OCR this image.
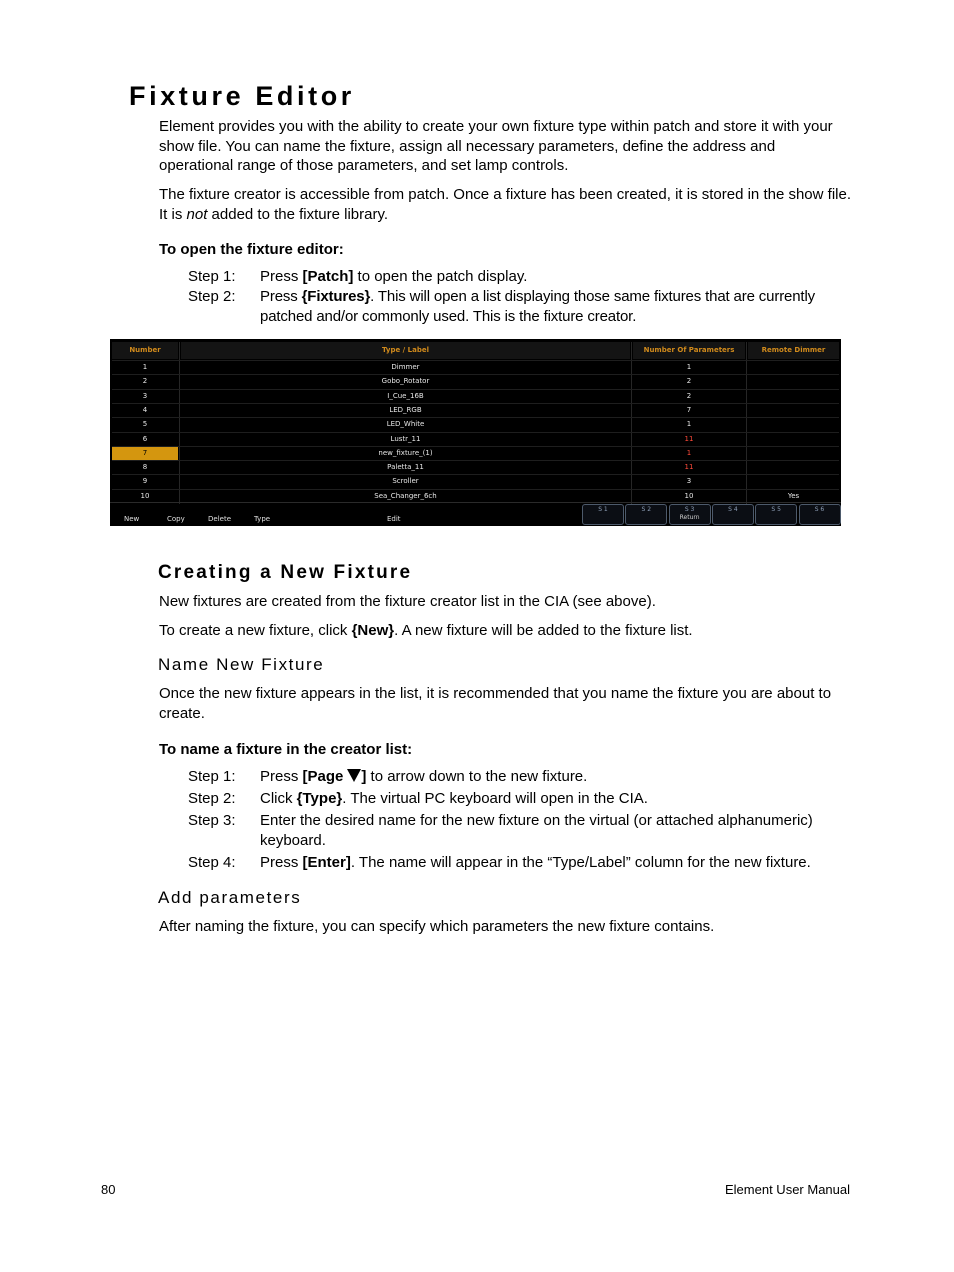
Fixture Editor

Element provides you with the ability to create your own fixture type within patch and store it with your show file. You can name the fixture, assign all necessary parameters, define the address and operational range of those parameters, and set lamp controls.

The fixture creator is accessible from patch. Once a fixture has been created, it is stored in the show file. It is not added to the fixture library.

To open the fixture editor:

Step 1:	Press [Patch] to open the patch display.
Step 2:	Press {Fixtures}. This will open a list displaying those same fixtures that are currently patched and/or commonly used. This is the fixture creator.
Number	Type / Label	Number Of Parameters	Remote Dimmer
1	Dimmer	1
2	Gobo_Rotator	2
3	I_Cue_16B	2
4	LED_RGB	7
5	LED_White	1
6	Lustr_11	11
7	new_fixture_(1)	1
8	Paletta_11	11
9	Scroller	3
10	Sea_Changer_6ch	10	Yes
S 1	S 2	S 3
Return
S 4	S 5	S 6
New	Copy	Delete	Type	Edit
Creating a New Fixture

New fixtures are created from the fixture creator list in the CIA (see above).

To create a new fixture, click {New}. A new fixture will be added to the fixture list.

Name New Fixture

Once the new fixture appears in the list, it is recommended that you name the fixture you are about to create.

To name a fixture in the creator list:

Step 1:	Press [Page ] to arrow down to the new fixture.
Step 2:	Click {Type}. The virtual PC keyboard will open in the CIA.
Step 3:	Enter the desired name for the new fixture on the virtual (or attached alphanumeric) keyboard.
Step 4:	Press [Enter]. The name will appear in the “Type/Label” column for the new fixture.
Add parameters

After naming the fixture, you can specify which parameters the new fixture contains.

80	Element User Manual
